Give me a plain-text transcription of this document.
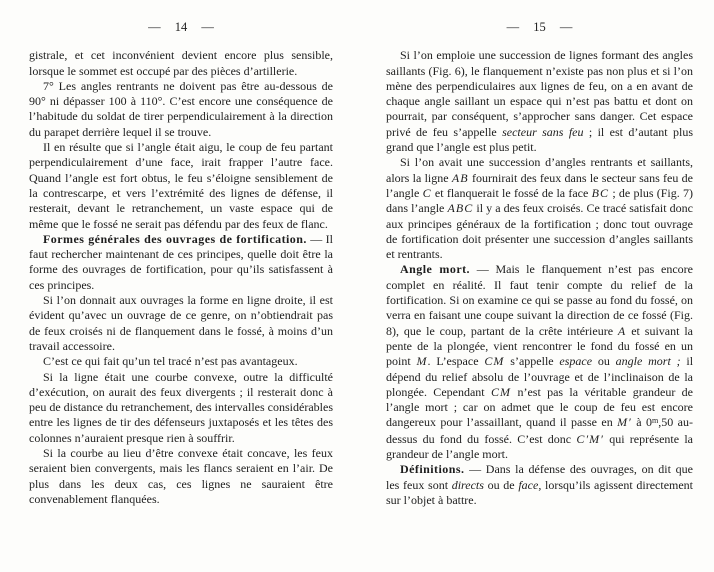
— 14 —

gistrale, et cet inconvénient devient encore plus sensible, lorsque le sommet est occupé par des pièces d’artillerie.

7° Les angles rentrants ne doivent pas être au-dessous de 90° ni dépasser 100 à 110°. C’est encore une conséquence de l’habitude du soldat de tirer perpendiculairement à la direction du parapet derrière lequel il se trouve.

Il en résulte que si l’angle était aigu, le coup de feu partant perpendiculairement d’une face, irait frapper l’autre face. Quand l’angle est fort obtus, le feu s’éloigne sensiblement de la contrescarpe, et vers l’extrémité des lignes de défense, il resterait, devant le retranchement, un vaste espace qui de même que le fossé ne serait pas défendu par des feux de flanc.

Formes générales des ouvrages de fortification. — Il faut rechercher maintenant de ces principes, quelle doit être la forme des ouvrages de fortification, pour qu’ils satisfassent à ces principes.

Si l’on donnait aux ouvrages la forme en ligne droite, il est évident qu’avec un ouvrage de ce genre, on n’obtiendrait pas de feux croisés ni de flanquement dans le fossé, à moins d’un travail accessoire.

C’est ce qui fait qu’un tel tracé n’est pas avantageux.

Si la ligne était une courbe convexe, outre la difficulté d’exécution, on aurait des feux divergents ; il resterait donc à peu de distance du retranchement, des intervalles considérables entre les lignes de tir des défenseurs juxtaposés et les têtes des colonnes n’auraient presque rien à souffrir.

Si la courbe au lieu d’être convexe était concave, les feux seraient bien convergents, mais les flancs seraient en l’air. De plus dans les deux cas, ces lignes ne sauraient être convenablement flanquées.

— 15 —

Si l’on emploie une succession de lignes formant des angles saillants (Fig. 6), le flanquement n’existe pas non plus et si l’on mène des perpendiculaires aux lignes de feu, on a en avant de chaque angle saillant un espace qui n’est pas battu et dont on pourrait, par conséquent, s’approcher sans danger. Cet espace privé de feu s’appelle secteur sans feu ; il est d’autant plus grand que l’angle est plus petit.

Si l’on avait une succession d’angles rentrants et saillants, alors la ligne AB fournirait des feux dans le secteur sans feu de l’angle C et flanquerait le fossé de la face BC ; de plus (Fig. 7) dans l’angle ABC il y a des feux croisés. Ce tracé satisfait donc aux principes généraux de la fortification ; donc tout ouvrage de fortification doit présenter une succession d’angles saillants et rentrants.

Angle mort. — Mais le flanquement n’est pas encore complet en réalité. Il faut tenir compte du relief de la fortification. Si on examine ce qui se passe au fond du fossé, on verra en faisant une coupe suivant la direction de ce fossé (Fig. 8), que le coup, partant de la crête intérieure A et suivant la pente de la plongée, vient rencontrer le fond du fossé en un point M. L’espace CM s’appelle espace ou angle mort ; il dépend du relief absolu de l’ouvrage et de l’inclinaison de la plongée. Cependant CM n’est pas la véritable grandeur de l’angle mort ; car on admet que le coup de feu est encore dangereux pour l’assaillant, quand il passe en M′ à 0$^m$,50 au-dessus du fond du fossé. C’est donc C′M′ qui représente la grandeur de l’angle mort.

Définitions. — Dans la défense des ouvrages, on dit que les feux sont directs ou de face, lorsqu’ils agissent directement sur l’objet à battre.
